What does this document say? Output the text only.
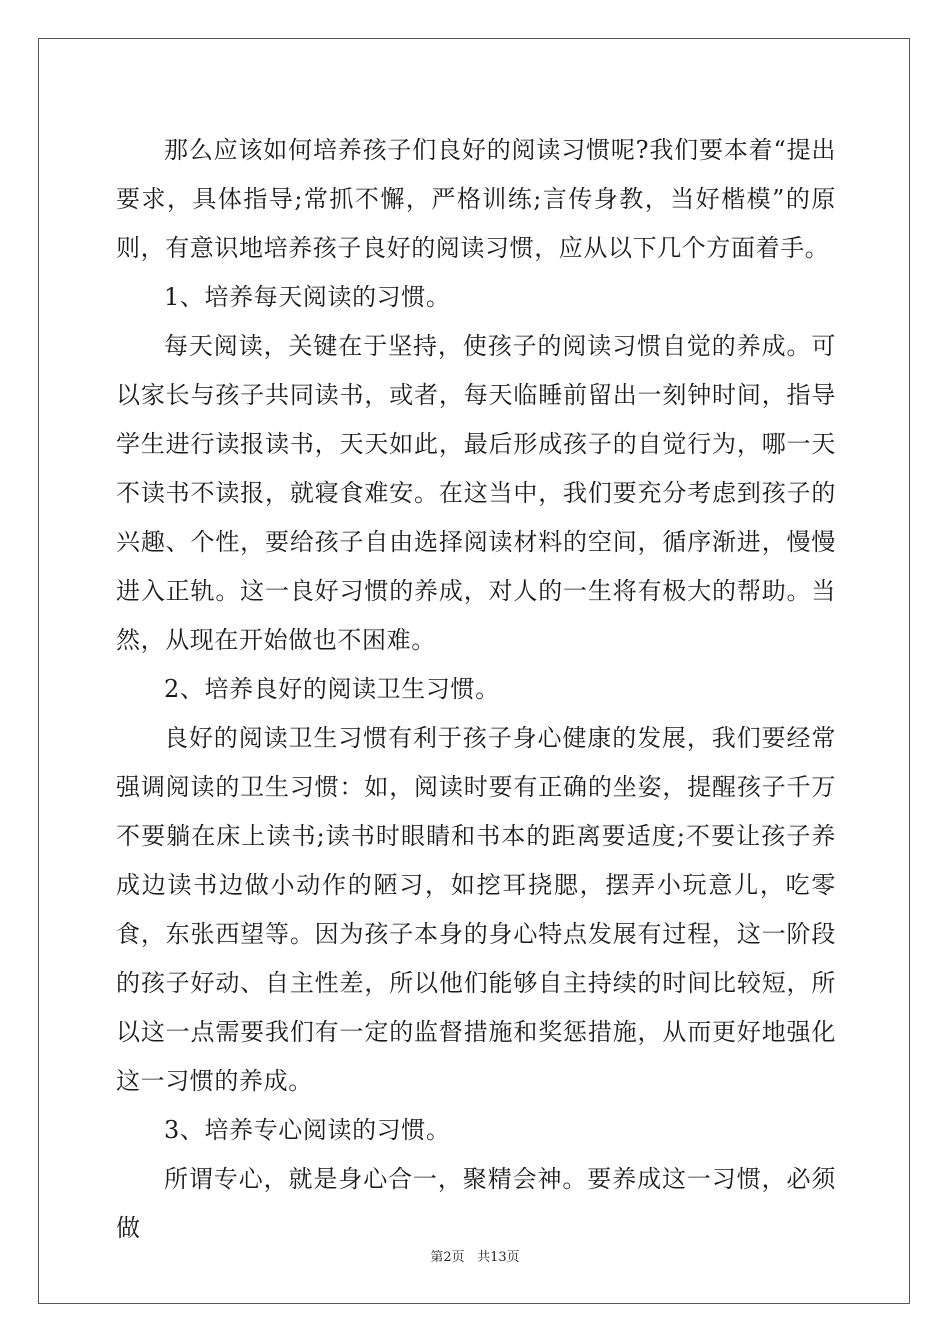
那么应该如何培养孩子们良好的阅读习惯呢?我们要本着“提出要求，具体指导;常抓不懈，严格训练;言传身教，当好楷模”的原则，有意识地培养孩子良好的阅读习惯，应从以下几个方面着手。

1、培养每天阅读的习惯。

每天阅读，关键在于坚持，使孩子的阅读习惯自觉的养成。可以家长与孩子共同读书，或者，每天临睡前留出一刻钟时间，指导学生进行读报读书，天天如此，最后形成孩子的自觉行为，哪一天不读书不读报，就寝食难安。在这当中，我们要充分考虑到孩子的兴趣、个性，要给孩子自由选择阅读材料的空间，循序渐进，慢慢进入正轨。这一良好习惯的养成，对人的一生将有极大的帮助。当然，从现在开始做也不困难。

2、培养良好的阅读卫生习惯。

良好的阅读卫生习惯有利于孩子身心健康的发展，我们要经常强调阅读的卫生习惯：如，阅读时要有正确的坐姿，提醒孩子千万不要躺在床上读书;读书时眼睛和书本的距离要适度;不要让孩子养成边读书边做小动作的陋习，如挖耳挠腮，摆弄小玩意儿，吃零食，东张西望等。因为孩子本身的身心特点发展有过程，这一阶段的孩子好动、自主性差，所以他们能够自主持续的时间比较短，所以这一点需要我们有一定的监督措施和奖惩措施，从而更好地强化这一习惯的养成。

3、培养专心阅读的习惯。

所谓专心，就是身心合一，聚精会神。要养成这一习惯，必须做

第2页 共13页
